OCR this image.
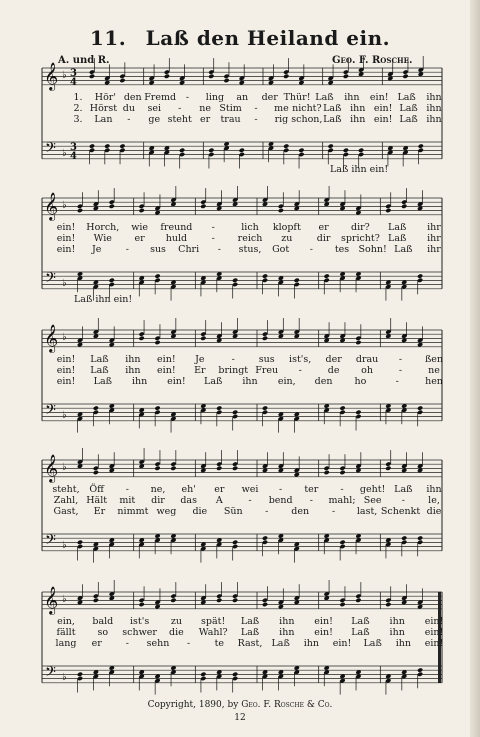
11. Laß den Heiland ein.
A. und R.	Geo. F. Rosche.
𝄞
𝄢
♭
♭
3
4
3
4
1. Hör' den Fremd - ling an der Thür! Laß ihn ein! Laß ihn
2. Hörst du sei - ne Stim - me nicht? Laß ihn ein! Laß ihn
3. Lan - ge steht er trau - rig schon, Laß ihn ein! Laß ihn
Laß ihn ein!
𝄞
𝄢
♭
♭
ein! Horch, wie freund -	lich klopft er dir? Laß ihr
ein! Wie er huld	- reich zu	dir spricht? Laß ihr
ein! Je	- sus Chri - stus, Got - tes Sohn! Laß ihr
Laß ihn ein!
𝄞
𝄢
♭
♭
ein! Laß ihn ein! Je	-	sus ist's, der drau - ßen
ein! Laß ihn ein! Er bringt Freu -	de oh	-	ne
ein! Laß ihn ein! Laß ihn ein, den ho	-	hen
𝄞
𝄢
♭
♭
steht, Öff - ne, eh' er wei - ter - geht! Laß ihn
Zahl, Hält mit dir das A	- bend - mahl; See - le,
Gast, Er nimmt weg die Sün - den - last, Schenkt die
𝄞
𝄢
♭
♭
ein, bald ist's zu spät! Laß ihn ein! Laß ihn ein!
fällt so schwer die Wahl? Laß ihn ein! Laß ihn ein!
lang er	- sehn -	te Rast, Laß ihn ein! Laß ihn ein!
Copyright, 1890, by Geo. F. Rosche & Co.
12
